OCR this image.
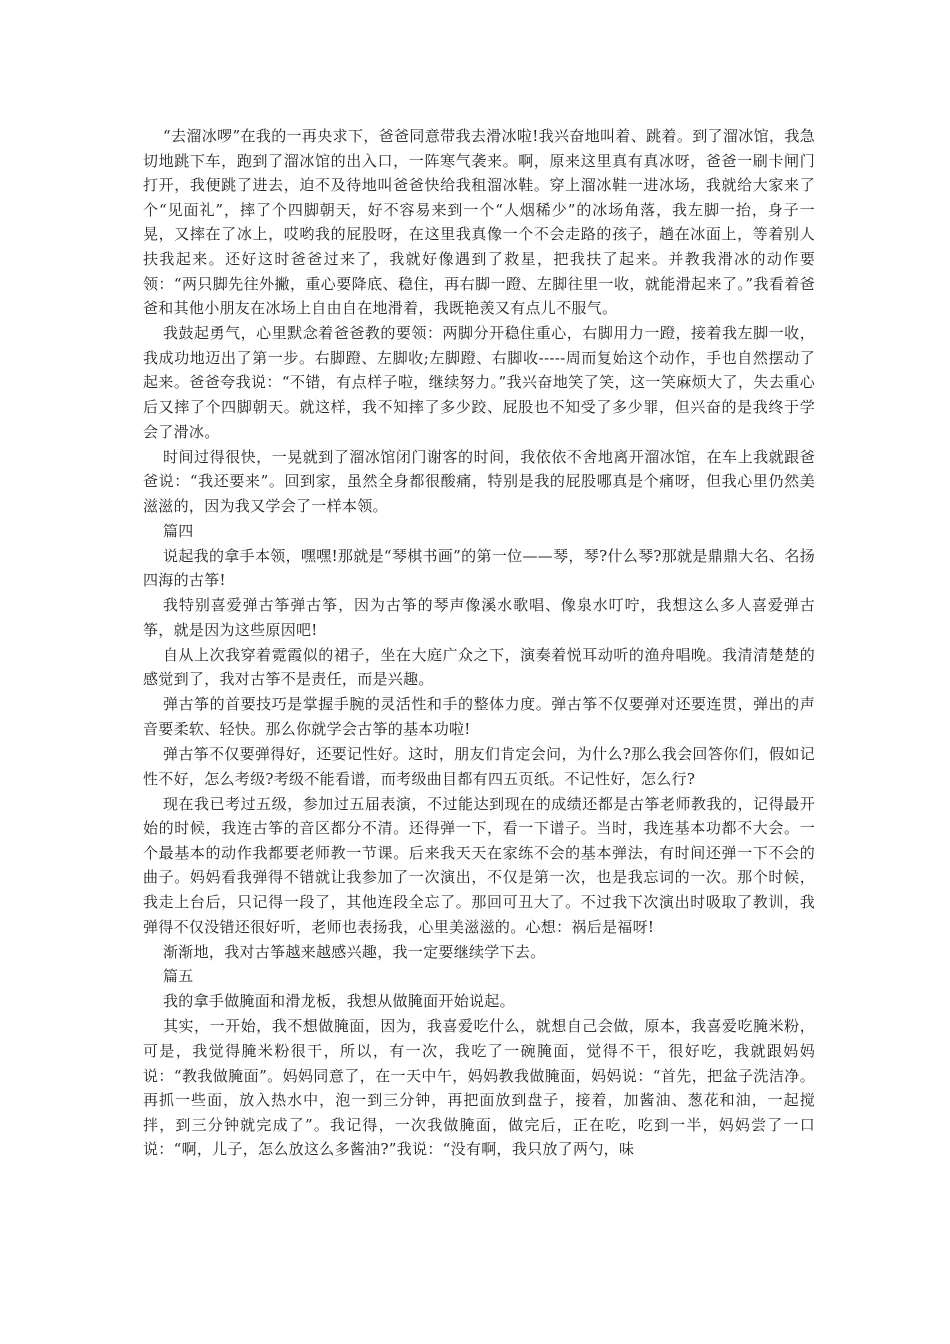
“去溜冰啰”在我的一再央求下，爸爸同意带我去滑冰啦!我兴奋地叫着、跳着。到了溜冰馆，我急切地跳下车，跑到了溜冰馆的出入口，一阵寒气袭来。啊，原来这里真有真冰呀，爸爸一刷卡闸门打开，我便跳了进去，迫不及待地叫爸爸快给我租溜冰鞋。穿上溜冰鞋一进冰场，我就给大家来了个“见面礼”，摔了个四脚朝天，好不容易来到一个“人烟稀少”的冰场角落，我左脚一抬，身子一晃，又摔在了冰上，哎哟我的屁股呀，在这里我真像一个不会走路的孩子，趟在冰面上，等着别人扶我起来。还好这时爸爸过来了，我就好像遇到了救星，把我扶了起来。并教我滑冰的动作要领：“两只脚先往外撇，重心要降底、稳住，再右脚一蹬、左脚往里一收，就能滑起来了。”我看着爸爸和其他小朋友在冰场上自由自在地滑着，我既艳羡又有点儿不服气。

我鼓起勇气，心里默念着爸爸教的要领：两脚分开稳住重心，右脚用力一蹬，接着我左脚一收，我成功地迈出了第一步。右脚蹬、左脚收;左脚蹬、右脚收-----周而复始这个动作，手也自然摆动了起来。爸爸夸我说：“不错，有点样子啦，继续努力。”我兴奋地笑了笑，这一笑麻烦大了，失去重心后又摔了个四脚朝天。就这样，我不知摔了多少跤、屁股也不知受了多少罪，但兴奋的是我终于学会了滑冰。

时间过得很快，一晃就到了溜冰馆闭门谢客的时间，我依依不舍地离开溜冰馆，在车上我就跟爸爸说：“我还要来”。回到家，虽然全身都很酸痛，特别是我的屁股哪真是个痛呀，但我心里仍然美滋滋的，因为我又学会了一样本领。

篇四

说起我的拿手本领，嘿嘿!那就是“琴棋书画”的第一位——琴，琴?什么琴?那就是鼎鼎大名、名扬四海的古筝!

我特别喜爱弹古筝弹古筝，因为古筝的琴声像溪水歌唱、像泉水叮咛，我想这么多人喜爱弹古筝，就是因为这些原因吧!

自从上次我穿着霓霞似的裙子，坐在大庭广众之下，演奏着悦耳动听的渔舟唱晚。我清清楚楚的感觉到了，我对古筝不是责任，而是兴趣。

弹古筝的首要技巧是掌握手腕的灵活性和手的整体力度。弹古筝不仅要弹对还要连贯，弹出的声音要柔软、轻快。那么你就学会古筝的基本功啦!

弹古筝不仅要弹得好，还要记性好。这时，朋友们肯定会问，为什么?那么我会回答你们，假如记性不好，怎么考级?考级不能看谱，而考级曲目都有四五页纸。不记性好，怎么行?

现在我已考过五级，参加过五届表演，不过能达到现在的成绩还都是古筝老师教我的，记得最开始的时候，我连古筝的音区都分不清。还得弹一下，看一下谱子。当时，我连基本功都不大会。一个最基本的动作我都要老师教一节课。后来我天天在家练不会的基本弹法，有时间还弹一下不会的曲子。妈妈看我弹得不错就让我参加了一次演出，不仅是第一次，也是我忘词的一次。那个时候，我走上台后，只记得一段了，其他连段全忘了。那回可丑大了。不过我下次演出时吸取了教训，我弹得不仅没错还很好听，老师也表扬我，心里美滋滋的。心想：祸后是福呀!

渐渐地，我对古筝越来越感兴趣，我一定要继续学下去。

篇五

我的拿手做腌面和滑龙板，我想从做腌面开始说起。

其实，一开始，我不想做腌面，因为，我喜爱吃什么，就想自己会做，原本，我喜爱吃腌米粉，可是，我觉得腌米粉很干，所以，有一次，我吃了一碗腌面，觉得不干，很好吃，我就跟妈妈说：“教我做腌面”。妈妈同意了，在一天中午，妈妈教我做腌面，妈妈说：“首先，把盆子洗洁净。再抓一些面，放入热水中，泡一到三分钟，再把面放到盘子，接着，加酱油、葱花和油，一起搅拌，到三分钟就完成了”。我记得，一次我做腌面，做完后，正在吃，吃到一半，妈妈尝了一口说：“啊，儿子，怎么放这么多酱油?”我说：“没有啊，我只放了两勺，味
